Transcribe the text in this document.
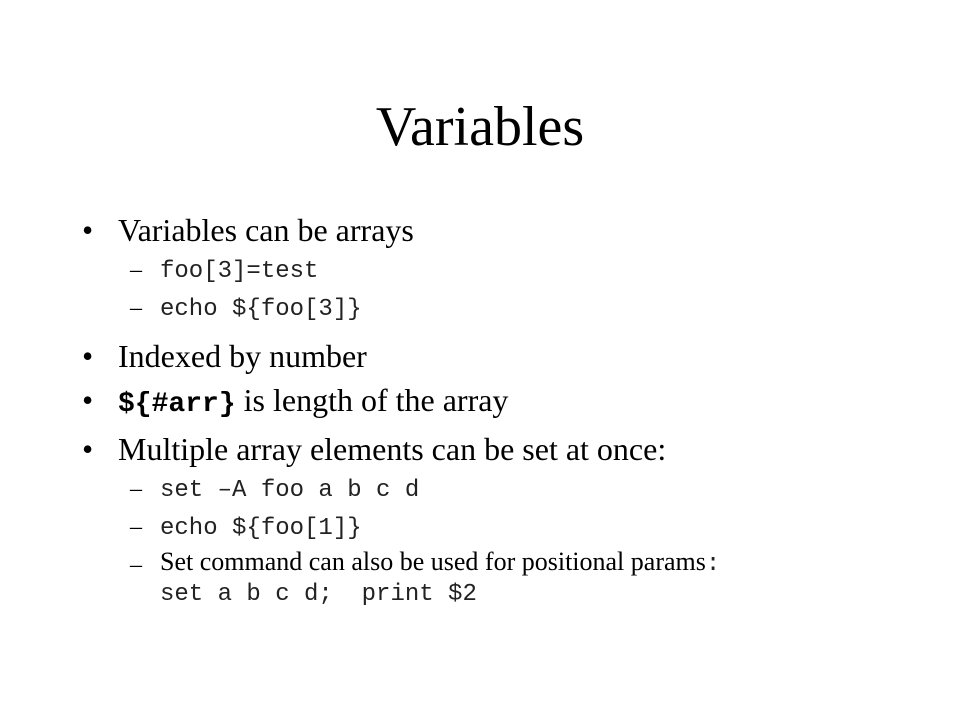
Variables
• Variables can be arrays
– foo[3]=test
– echo ${foo[3]}
• Indexed by number
• ${#arr} is length of the array
• Multiple array elements can be set at once:
– set –A foo a b c d
– echo ${foo[1]}
– Set command can also be used for positional params:
set a b c d;  print $2
